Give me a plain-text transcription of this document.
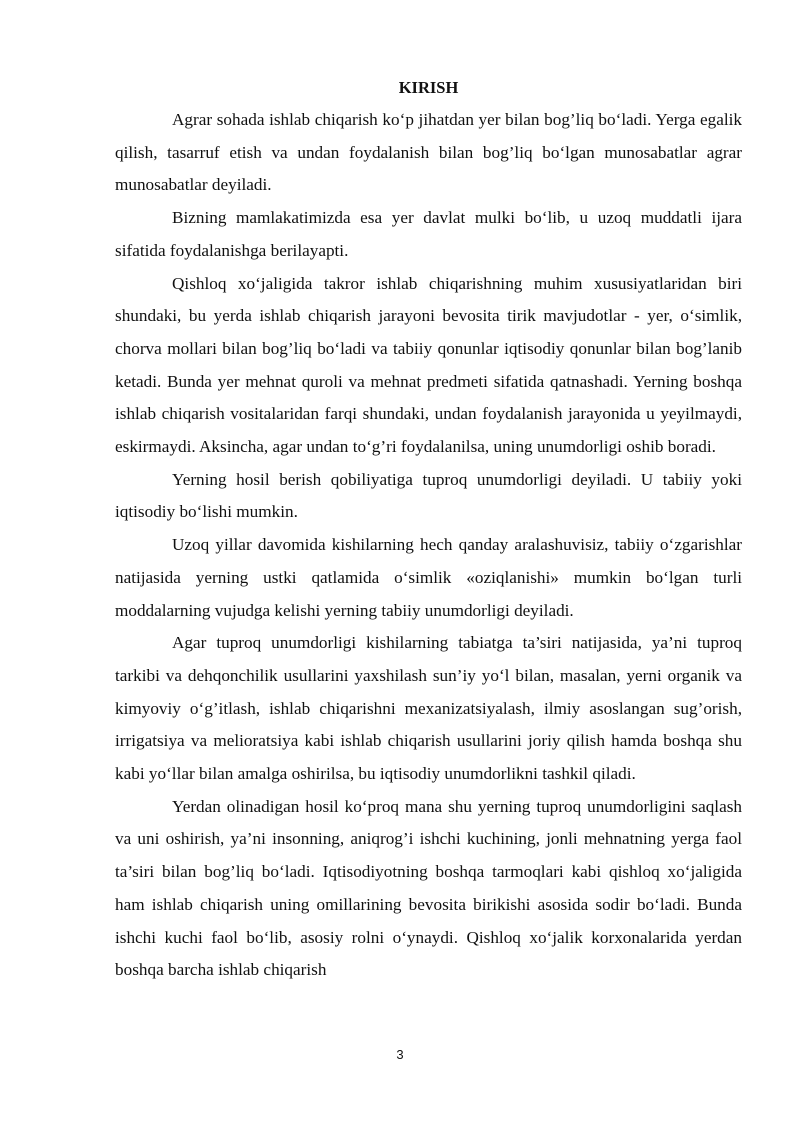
KIRISH

Agrar sohada ishlab chiqarish ko‘p jihatdan yer bilan bog’liq bo‘ladi. Yerga egalik qilish, tasarruf etish va undan foydalanish bilan bog’liq bo‘lgan munosabatlar agrar munosabatlar deyiladi.

Bizning mamlakatimizda esa yer davlat mulki bo‘lib, u uzoq muddatli ijara sifatida foydalanishga berilayapti.

Qishloq xo‘jaligida takror ishlab chiqarishning muhim xususiyatlaridan biri shundaki, bu yerda ishlab chiqarish jarayoni bevosita tirik mavjudotlar - yer, o‘simlik, chorva mollari bilan bog’liq bo‘ladi va tabiiy qonunlar iqtisodiy qonunlar bilan bog’lanib ketadi. Bunda yer mehnat quroli va mehnat predmeti sifatida qatnashadi. Yerning boshqa ishlab chiqarish vositalaridan farqi shundaki, undan foydalanish jarayonida u yeyilmaydi, eskirmaydi. Aksincha, agar undan to‘g’ri foydalanilsa, uning unumdorligi oshib boradi.

Yerning hosil berish qobiliyatiga tuproq unumdorligi deyiladi. U tabiiy yoki iqtisodiy bo‘lishi mumkin.

Uzoq yillar davomida kishilarning hech qanday aralashuvisiz, tabiiy o‘zgarishlar natijasida yerning ustki qatlamida o‘simlik «oziqlanishi» mumkin bo‘lgan turli moddalarning vujudga kelishi yerning tabiiy unumdorligi deyiladi.

Agar tuproq unumdorligi kishilarning tabiatga ta’siri natijasida, ya’ni tuproq tarkibi va dehqonchilik usullarini yaxshilash sun’iy yo‘l bilan, masalan, yerni organik va kimyoviy o‘g’itlash, ishlab chiqarishni mexanizatsiyalash, ilmiy asoslangan sug’orish, irrigatsiya va melioratsiya kabi ishlab chiqarish usullarini joriy qilish hamda boshqa shu kabi yo‘llar bilan amalga oshirilsa, bu iqtisodiy unumdorlikni tashkil qiladi.

Yerdan olinadigan hosil ko‘proq mana shu yerning tuproq unumdorligini saqlash va uni oshirish, ya’ni insonning, aniqrog’i ishchi kuchining, jonli mehnatning yerga faol ta’siri bilan bog’liq bo‘ladi. Iqtisodiyotning boshqa tarmoqlari kabi qishloq xo‘jaligida ham ishlab chiqarish uning omillarining bevosita birikishi asosida sodir bo‘ladi. Bunda ishchi kuchi faol bo‘lib, asosiy rolni o‘ynaydi. Qishloq xo‘jalik korxonalarida yerdan boshqa barcha ishlab chiqarish

3
